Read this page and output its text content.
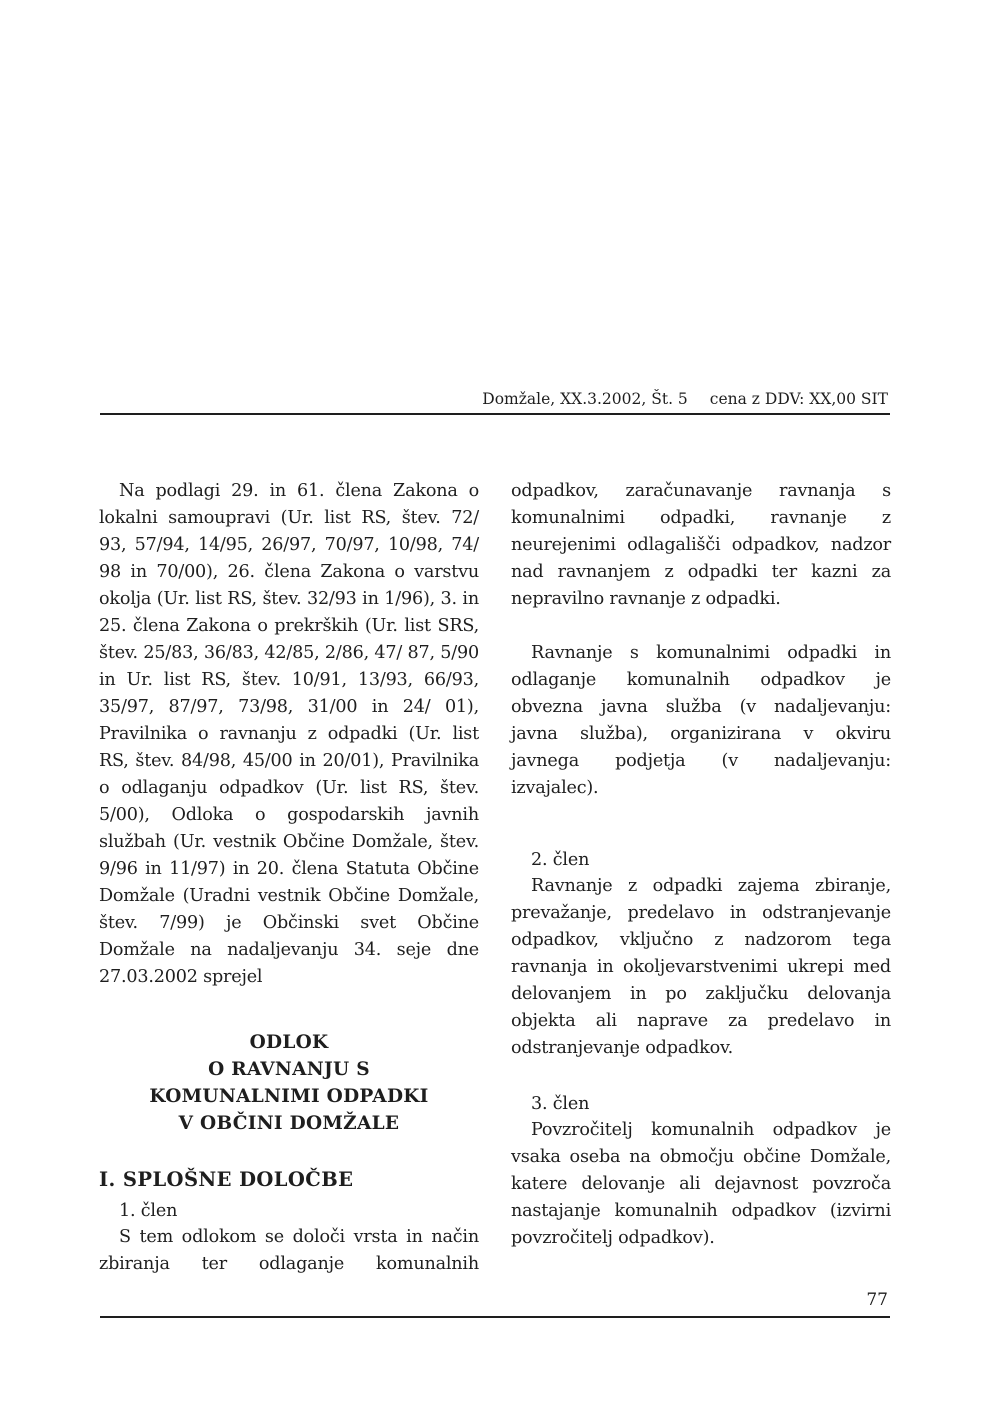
Domžale, XX.3.2002, Št. 5 cena z DDV: XX,00 SIT

Na podlagi 29. in 61. člena Zakona o lokalni samoupravi (Ur. list RS, štev. 72/ 93, 57/94, 14/95, 26/97, 70/97, 10/98, 74/ 98 in 70/00), 26. člena Zakona o varstvu okolja (Ur. list RS, štev. 32/93 in 1/96), 3. in 25. člena Zakona o prekrških (Ur. list SRS, štev. 25/83, 36/83, 42/85, 2/86, 47/ 87, 5/90 in Ur. list RS, štev. 10/91, 13/93, 66/93, 35/97, 87/97, 73/98, 31/00 in 24/ 01), Pravilnika o ravnanju z odpadki (Ur. list RS, štev. 84/98, 45/00 in 20/01), Pravilnika o odlaganju odpadkov (Ur. list RS, štev. 5/00), Odloka o gospodarskih javnih službah (Ur. vestnik Občine Domžale, štev. 9/96 in 11/97) in 20. člena Statuta Občine Domžale (Uradni vestnik Občine Domžale, štev. 7/99) je Občinski svet Občine Domžale na nadaljevanju 34. seje dne 27.03.2002 sprejel

ODLOK
O RAVNANJU S
KOMUNALNIMI ODPADKI
V OBČINI DOMŽALE
I. SPLOŠNE DOLOČBE

1. člen

S tem odlokom se določi vrsta in način zbiranja ter odlaganje komunalnih

odpadkov, zaračunavanje ravnanja s komunalnimi odpadki, ravnanje z neurejenimi odlagališči odpadkov, nadzor nad ravnanjem z odpadki ter kazni za nepravilno ravnanje z odpadki.

Ravnanje s komunalnimi odpadki in odlaganje komunalnih odpadkov je obvezna javna služba (v nadaljevanju: javna služba), organizirana v okviru javnega podjetja (v nadaljevanju: izvajalec).

2. člen

Ravnanje z odpadki zajema zbiranje, prevažanje, predelavo in odstranjevanje odpadkov, vključno z nadzorom tega ravnanja in okoljevarstvenimi ukrepi med delovanjem in po zaključku delovanja objekta ali naprave za predelavo in odstranjevanje odpadkov.

3. člen

Povzročitelj komunalnih odpadkov je vsaka oseba na območju občine Domžale, katere delovanje ali dejavnost povzroča nastajanje komunalnih odpadkov (izvirni povzročitelj odpadkov).

77
